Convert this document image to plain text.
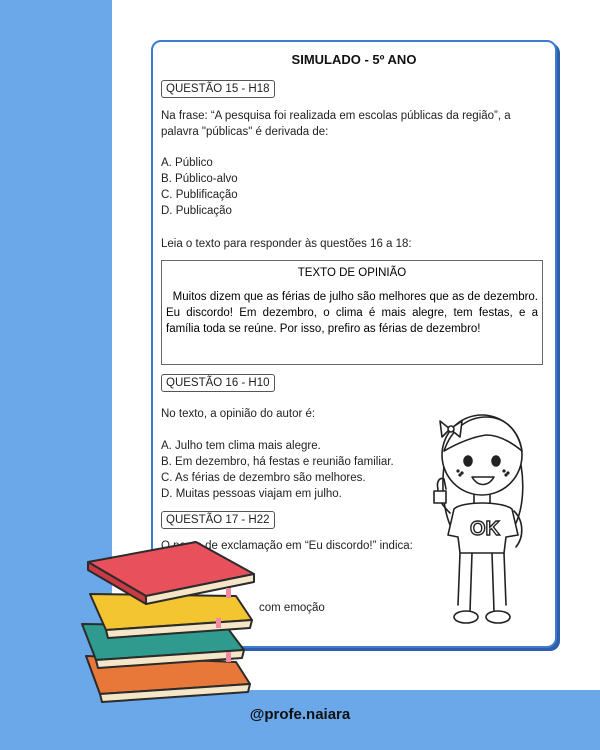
SIMULADO - 5º ANO
QUESTÃO 15 - H18
Na frase: “A pesquisa foi realizada em escolas públicas da região”, a
palavra "públicas" é derivada de:
A. Público
B. Público-alvo
C. Publificação
D. Publicação
Leia o texto para responder às questões 16 a 18:
TEXTO DE OPINIÃO
Muitos dizem que as férias de julho são melhores que as de dezembro. Eu discordo! Em dezembro, o clima é mais alegre, tem festas, e a família toda se reúne. Por isso, prefiro as férias de dezembro!
QUESTÃO 16 - H10
No texto, a opinião do autor é:
A. Julho tem clima mais alegre.
B. Em dezembro, há festas e reunião familiar.
C. As férias de dezembro são melhores.
D. Muitas pessoas viajam em julho.
QUESTÃO 17 - H22
O ponto de exclamação em “Eu discordo!” indica:
com emoção
OK
@profe.naiara
